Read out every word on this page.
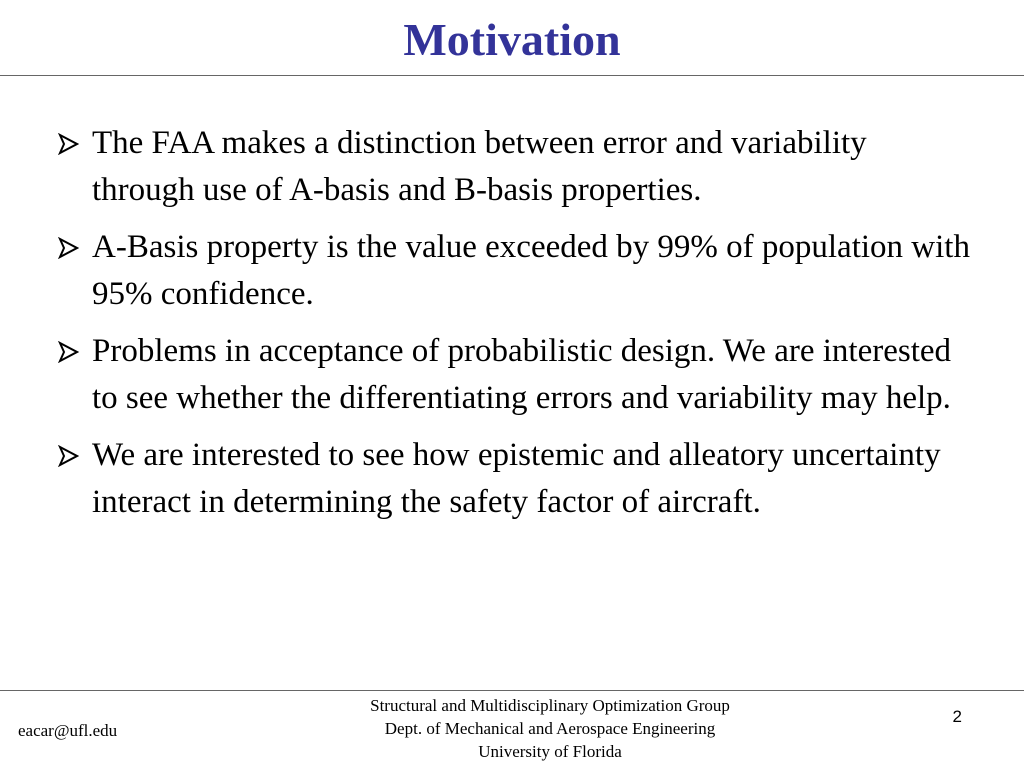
Motivation
The FAA makes a distinction between error and variability through use of A-basis and B-basis properties.
A-Basis property is the value exceeded by 99% of population with 95% confidence.
Problems in acceptance of probabilistic design. We are interested to see whether the differentiating errors and variability may help.
We are interested to see how epistemic and alleatory uncertainty interact in determining the safety factor of aircraft.
eacar@ufl.edu
Structural and Multidisciplinary Optimization Group
Dept. of Mechanical and Aerospace Engineering
University of Florida
2
